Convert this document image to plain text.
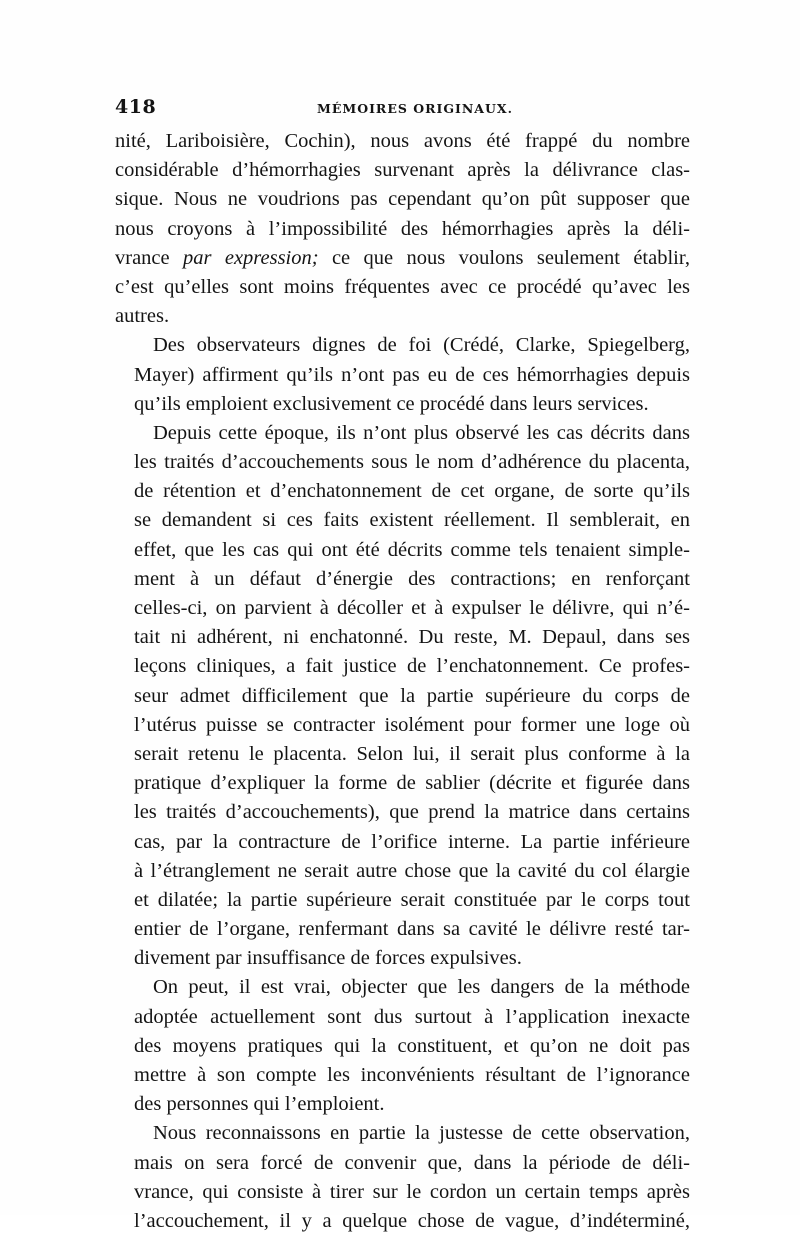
418	MÉMOIRES ORIGINAUX.
nité, Lariboisière, Cochin), nous avons été frappé du nombre
considérable d’hémorrhagies survenant après la délivrance clas-
sique. Nous ne voudrions pas cependant qu’on pût supposer que
nous croyons à l’impossibilité des hémorrhagies après la déli-
vrance par expression; ce que nous voulons seulement établir,
c’est qu’elles sont moins fréquentes avec ce procédé qu’avec les
autres.
Des observateurs dignes de foi (Crédé, Clarke, Spiegelberg,
Mayer) affirment qu’ils n’ont pas eu de ces hémorrhagies depuis
qu’ils emploient exclusivement ce procédé dans leurs services.
Depuis cette époque, ils n’ont plus observé les cas décrits dans
les traités d’accouchements sous le nom d’adhérence du placenta,
de rétention et d’enchatonnement de cet organe, de sorte qu’ils
se demandent si ces faits existent réellement. Il semblerait, en
effet, que les cas qui ont été décrits comme tels tenaient simple-
ment à un défaut d’énergie des contractions; en renforçant
celles-ci, on parvient à décoller et à expulser le délivre, qui n’é-
tait ni adhérent, ni enchatonné. Du reste, M. Depaul, dans ses
leçons cliniques, a fait justice de l’enchatonnement. Ce profes-
seur admet difficilement que la partie supérieure du corps de
l’utérus puisse se contracter isolément pour former une loge où
serait retenu le placenta. Selon lui, il serait plus conforme à la
pratique d’expliquer la forme de sablier (décrite et figurée dans
les traités d’accouchements), que prend la matrice dans certains
cas, par la contracture de l’orifice interne. La partie inférieure
à l’étranglement ne serait autre chose que la cavité du col élargie
et dilatée; la partie supérieure serait constituée par le corps tout
entier de l’organe, renfermant dans sa cavité le délivre resté tar-
divement par insuffisance de forces expulsives.
On peut, il est vrai, objecter que les dangers de la méthode
adoptée actuellement sont dus surtout à l’application inexacte
des moyens pratiques qui la constituent, et qu’on ne doit pas
mettre à son compte les inconvénients résultant de l’ignorance
des personnes qui l’emploient.
Nous reconnaissons en partie la justesse de cette observation,
mais on sera forcé de convenir que, dans la période de déli-
vrance, qui consiste à tirer sur le cordon un certain temps après
l’accouchement, il y a quelque chose de vague, d’indéterminé,
